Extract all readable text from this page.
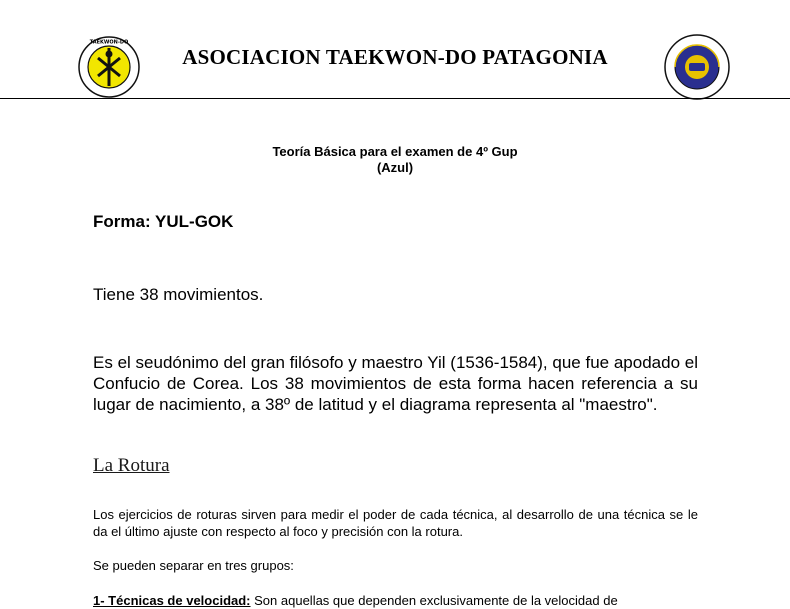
TAEKWON-DO
ASOCIACION TAEKWON-DO PATAGONIA
Teoría Básica para el examen de 4º Gup
(Azul)
Forma: YUL-GOK
Tiene 38 movimientos.
Es el seudónimo del gran filósofo y maestro Yil (1536-1584), que fue apodado el Confucio de Corea. Los 38 movimientos de esta forma hacen referencia a su lugar de nacimiento, a 38º de latitud y el diagrama representa al "maestro".
La Rotura
Los ejercicios de roturas sirven para medir el poder de cada técnica, al desarrollo de una técnica se le da el último ajuste con respecto al foco y precisión con la rotura.
Se pueden separar en tres grupos:
1- Técnicas de velocidad: Son aquellas que dependen exclusivamente de la velocidad de
